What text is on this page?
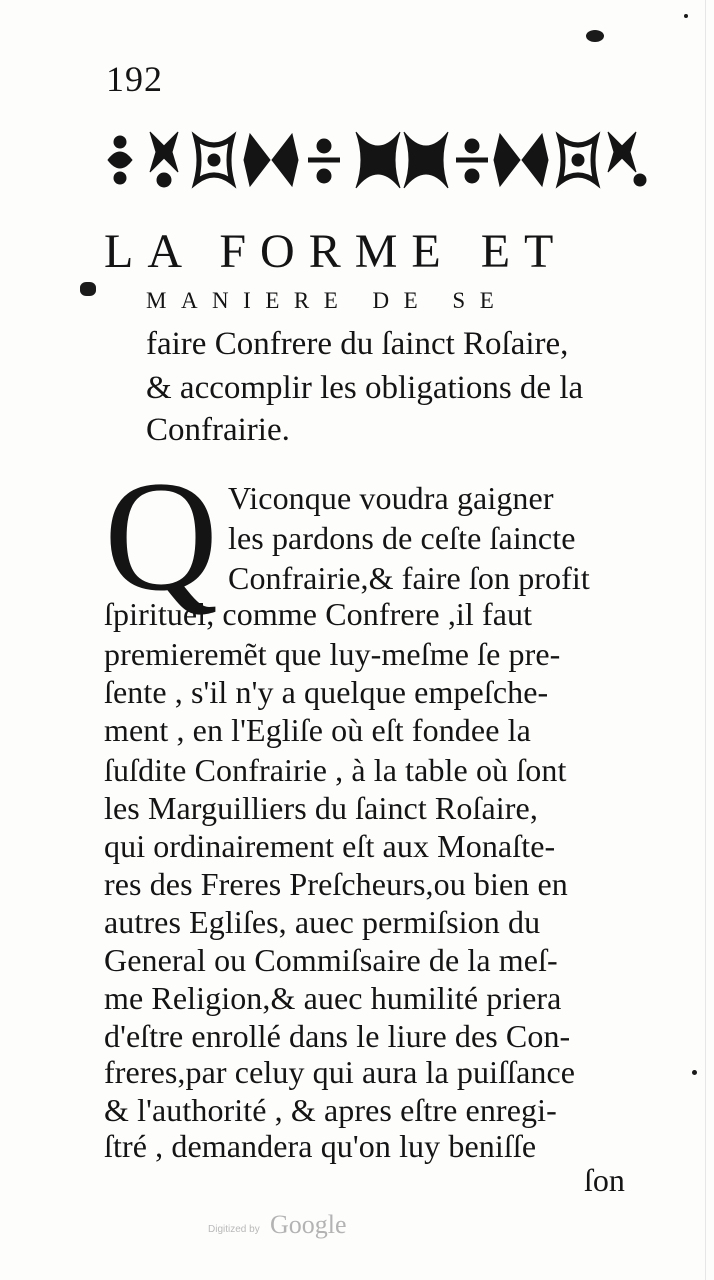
192
LA FORME ET
MANIERE DE SE
faire Confrere du ſainct Roſaire,
& accomplir les obligations de la
Confrairie.
Q Viconque voudra gaigner
les pardons de ceſte ſaincte
Confrairie,& faire ſon profit
ſpirituel, comme Confrere ,il faut
premieremẽt que luy-meſme ſe pre-
ſente , s'il n'y a quelque empeſche-
ment , en l'Egliſe où eſt fondee la
ſuſdite Confrairie , à la table où ſont
les Marguilliers du ſainct Roſaire,
qui ordinairement eſt aux Monaſte-
res des Freres Preſcheurs,ou bien en
autres Egliſes, auec permiſsion du
General ou Commiſsaire de la meſ-
me Religion,& auec humilité priera
d'eſtre enrollé dans le liure des Con-
freres,par celuy qui aura la puiſſance
& l'authorité , & apres eſtre enregi-
ſtré , demandera qu'on luy beniſſe
ſon
Digitized by Google
